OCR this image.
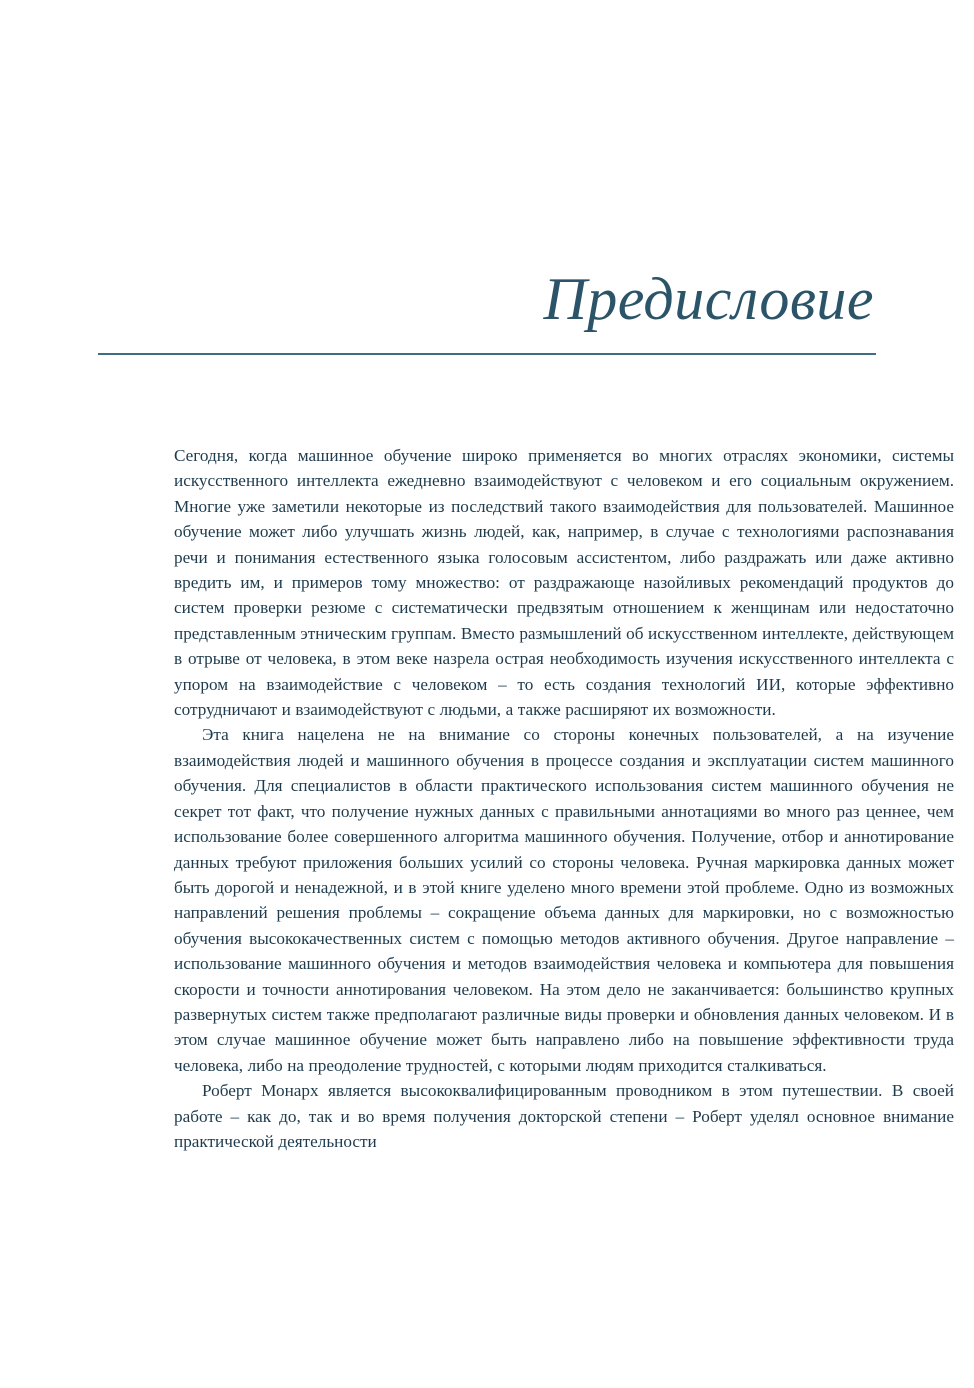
Предисловие

Сегодня, когда машинное обучение широко применяется во многих отраслях экономики, системы искусственного интеллекта ежедневно взаимодействуют с человеком и его социальным окружением. Многие уже заметили некоторые из последствий такого взаимодействия для пользователей. Машинное обучение может либо улучшать жизнь людей, как, например, в случае с технологиями распознавания речи и понимания естественного языка голосовым ассистентом, либо раздражать или даже активно вредить им, и примеров тому множество: от раздражающе назойливых рекомендаций продуктов до систем проверки резюме с систематически предвзятым отношением к женщинам или недостаточно представленным этническим группам. Вместо размышлений об искусственном интеллекте, действующем в отрыве от человека, в этом веке назрела острая необходимость изучения искусственного интеллекта с упором на взаимодействие с человеком – то есть создания технологий ИИ, которые эффективно сотрудничают и взаимодействуют с людьми, а также расширяют их возможности.

Эта книга нацелена не на внимание со стороны конечных пользователей, а на изучение взаимодействия людей и машинного обучения в процессе создания и эксплуатации систем машинного обучения. Для специалистов в области практического использования систем машинного обучения не секрет тот факт, что получение нужных данных с правильными аннотациями во много раз ценнее, чем использование более совершенного алгоритма машинного обучения. Получение, отбор и аннотирование данных требуют приложения больших усилий со стороны человека. Ручная маркировка данных может быть дорогой и ненадежной, и в этой книге уделено много времени этой проблеме. Одно из возможных направлений решения проблемы – сокращение объема данных для маркировки, но с возможностью обучения высококачественных систем с помощью методов активного обучения. Другое направление – использование машинного обучения и методов взаимодействия человека и компьютера для повышения скорости и точности аннотирования человеком. На этом дело не заканчивается: большинство крупных развернутых систем также предполагают различные виды проверки и обновления данных человеком. И в этом случае машинное обучение может быть направлено либо на повышение эффективности труда человека, либо на преодоление трудностей, с которыми людям приходится сталкиваться.

Роберт Монарх является высококвалифицированным проводником в этом путешествии. В своей работе – как до, так и во время получения докторской степени – Роберт уделял основное внимание практической деятельности
